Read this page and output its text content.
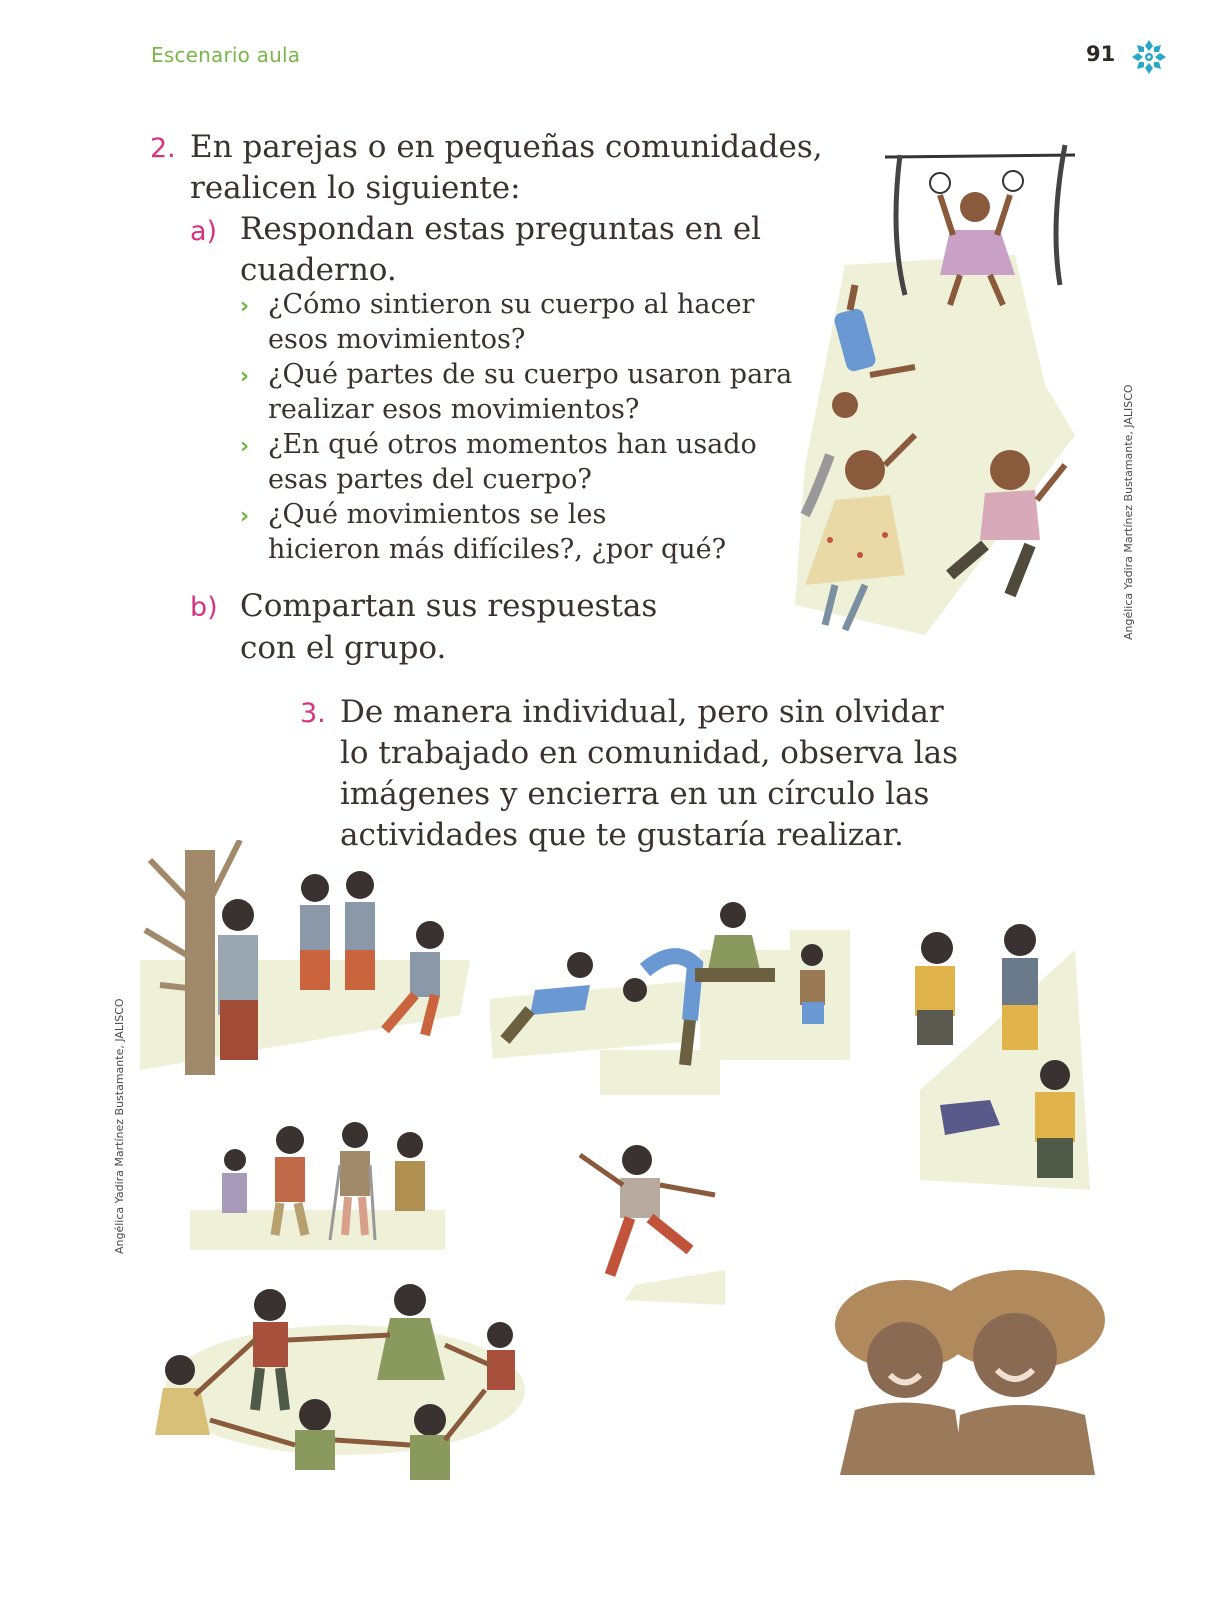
Escenario aula	91
2. En parejas o en pequeñas comunidades,
realicen lo siguiente:
a) Respondan estas preguntas en el
cuaderno.
› ¿Cómo sintieron su cuerpo al hacer
esos movimientos?
› ¿Qué partes de su cuerpo usaron para
realizar esos movimientos?
› ¿En qué otros momentos han usado
esas partes del cuerpo?
› ¿Qué movimientos se les
hicieron más difíciles?, ¿por qué?
b) Compartan sus respuestas
con el grupo.
3. De manera individual, pero sin olvidar
lo trabajado en comunidad, observa las
imágenes y encierra en un círculo las
actividades que te gustaría realizar.
Angélica Yadira Martínez Bustamante, JALISCO
Angélica Yadira Martínez Bustamante, JALISCO
